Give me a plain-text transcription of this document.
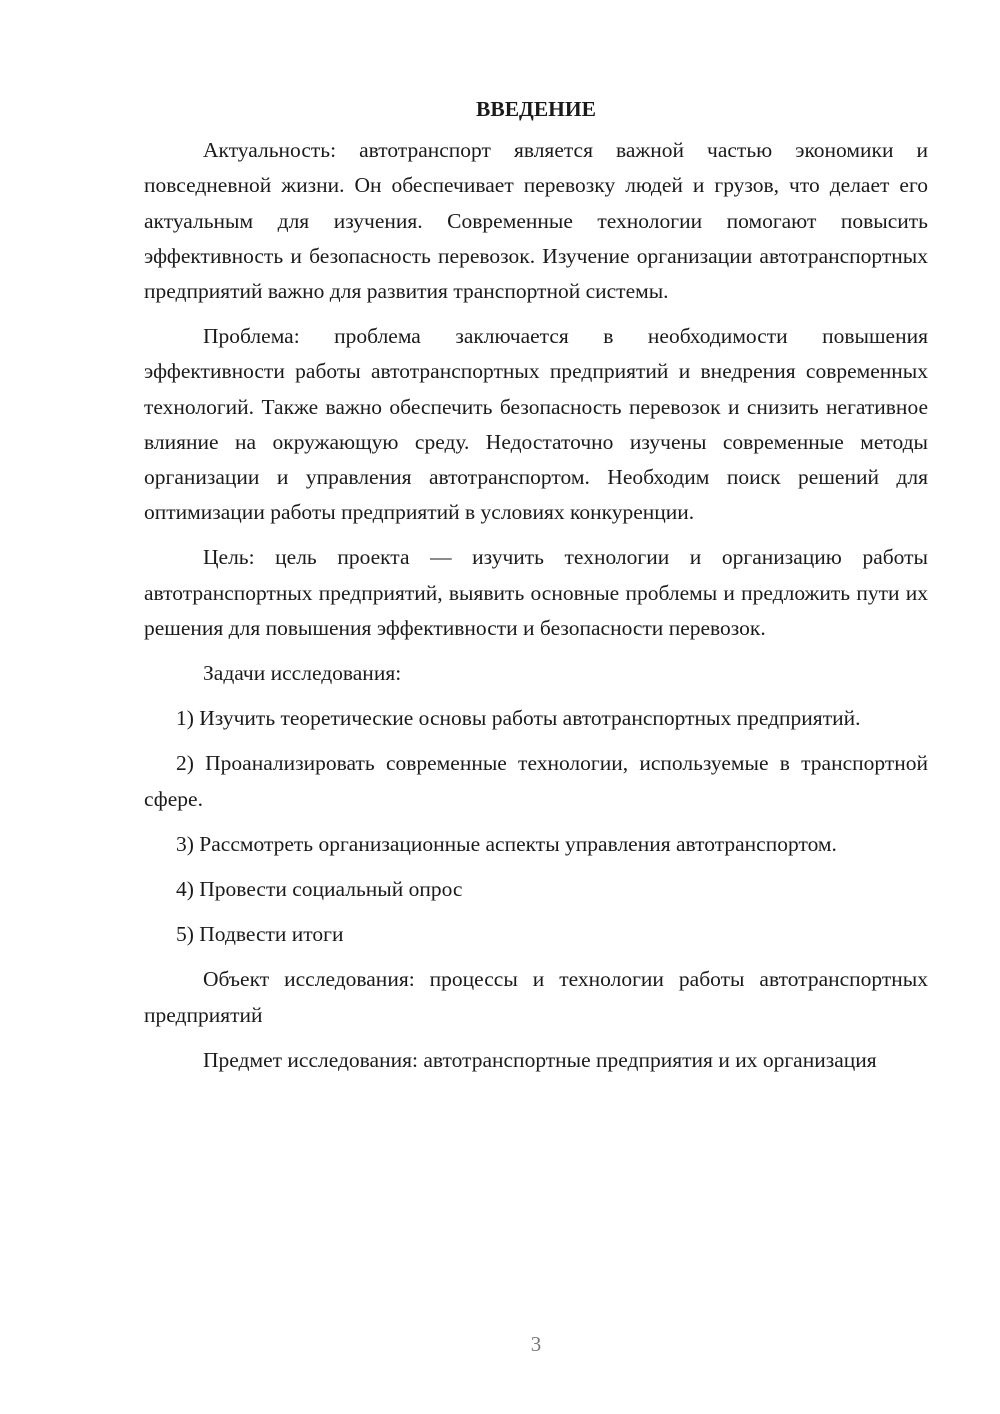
ВВЕДЕНИЕ

Актуальность: автотранспорт является важной частью экономики и повседневной жизни. Он обеспечивает перевозку людей и грузов, что делает его актуальным для изучения. Современные технологии помогают повысить эффективность и безопасность перевозок. Изучение организации автотранспортных предприятий важно для развития транспортной системы.

Проблема: проблема заключается в необходимости повышения эффективности работы автотранспортных предприятий и внедрения современных технологий. Также важно обеспечить безопасность перевозок и снизить негативное влияние на окружающую среду. Недостаточно изучены современные методы организации и управления автотранспортом. Необходим поиск решений для оптимизации работы предприятий в условиях конкуренции.

Цель: цель проекта — изучить технологии и организацию работы автотранспортных предприятий, выявить основные проблемы и предложить пути их решения для повышения эффективности и безопасности перевозок.

Задачи исследования:

1) Изучить теоретические основы работы автотранспортных предприятий.

2) Проанализировать современные технологии, используемые в транспортной сфере.

3) Рассмотреть организационные аспекты управления автотранспортом.

4) Провести социальный опрос

5) Подвести итоги

Объект исследования: процессы и технологии работы автотранспортных предприятий

Предмет исследования: автотранспортные предприятия и их организация

3
